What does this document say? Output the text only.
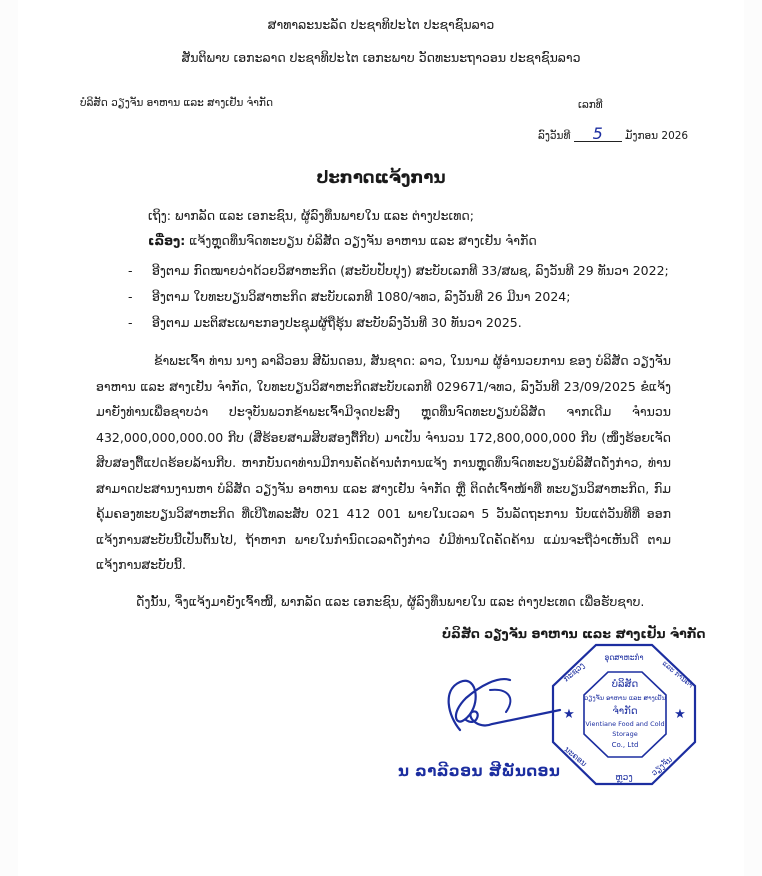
ສາທາລະນະລັດ ປະຊາທິປະໄຕ ປະຊາຊົນລາວ
ສັນຕິພາບ ເອກະລາດ ປະຊາທິປະໄຕ ເອກະພາບ ວັດທະນະຖາວອນ ປະຊາຊົນລາວ
ບໍລິສັດ ວຽງຈັນ ອາຫານ ແລະ ສາງເຢັນ ຈຳກັດ	ເລກທີ
ລົງວັນທີ 5 ມັງກອນ 2026
ປະກາດແຈ້ງການ
ເຖິງ: ພາກລັດ ແລະ ເອກະຊົນ, ຜູ້ລົງທຶນພາຍໃນ ແລະ ຕ່າງປະເທດ;
ເລື່ອງ: ແຈ້ງຫຼຸດທຶນຈົດທະບຽນ ບໍລິສັດ ວຽງຈັນ ອາຫານ ແລະ ສາງເຢັນ ຈຳກັດ
- ອີງຕາມ ກົດໝາຍວ່າດ້ວຍວິສາຫະກິດ (ສະບັບປັບປຸງ) ສະບັບເລກທີ 33/ສພຊ, ລົງວັນທີ 29 ທັນວາ 2022;
- ອີງຕາມ ໃບທະບຽນວິສາຫະກິດ ສະບັບເລກທີ 1080/ຈທວ, ລົງວັນທີ 26 ມີນາ 2024;
- ອີງຕາມ ມະຕິສະເພາະກອງປະຊຸມຜູ້ຖືຮຸ້ນ ສະບັບລົງວັນທີ 30 ທັນວາ 2025.
ຂ້າພະເຈົ້າ ທ່ານ ນາງ ລາລີວອນ ສີພັນດອນ, ສັນຊາດ: ລາວ, ໃນນາມ ຜູ້ອຳນວຍການ ຂອງ ບໍລິສັດ ວຽງຈັນ ອາຫານ ແລະ ສາງເຢັນ ຈຳກັດ, ໃບທະບຽນວິສາຫະກິດສະບັບເລກທີ 029671/ຈທວ, ລົງວັນທີ 23/09/2025 ຂໍແຈ້ງ ມາຍັງທ່ານເພື່ອຊາບວ່າ ປະຈຸບັນພວກຂ້າພະເຈົ້າມີຈຸດປະສົງ ຫຼຸດທຶນຈົດທະບຽນບໍລິສັດ ຈາກເດີມ ຈຳນວນ 432,000,000,000.00 ກີບ (ສີ່ຮ້ອຍສາມສິບສອງຕື້ກີບ) ມາເປັນ ຈຳນວນ 172,800,000,000 ກີບ (ໜຶ່ງຮ້ອຍເຈັດ ສິບສອງຕື້ແປດຮ້ອຍລ້ານກີບ. ຫາກບັນດາທ່ານມີການຄັດຄ້ານຕໍ່ການແຈ້ງ ການຫຼຸດທຶນຈົດທະບຽນບໍລິສັດດັ່ງກ່າວ, ທ່ານສາມາດປະສານງານຫາ ບໍລິສັດ ວຽງຈັນ ອາຫານ ແລະ ສາງເຢັນ ຈຳກັດ ຫຼື ຕິດຕໍ່ເຈົ້າໜ້າທີ່ ທະບຽນວິສາຫະກິດ, ກົມຄຸ້ມຄອງທະບຽນວິສາຫະກິດ ທີ່ເບີໂທລະສັບ 021 412 001 ພາຍໃນເວລາ 5 ວັນລັດຖະການ ນັບແຕ່ວັນທີທີ່ ອອກ ແຈ້ງການສະບັບນີ້ເປັນຕົ້ນໄປ, ຖ້າຫາກ ພາຍໃນກຳນົດເວລາດັ່ງກ່າວ ບໍ່ມີທ່ານໃດຄັດຄ້ານ ແມ່ນຈະຖືວ່າເຫັນດີ ຕາມແຈ້ງການສະບັບນີ້.
ດັ່ງນັ້ນ, ຈຶ່ງແຈ້ງມາຍັງເຈົ້າໜີ້, ພາກລັດ ແລະ ເອກະຊົນ, ຜູ້ລົງທຶນພາຍໃນ ແລະ ຕ່າງປະເທດ ເພື່ອຮັບຊາບ.
ບໍລິສັດ ວຽງຈັນ ອາຫານ ແລະ ສາງເຢັນ ຈຳກັດ
ນ ລາລີວອນ ສີພັນດອນ
ອຸດສາຫະກຳ
ກະຊວງ	ແລະ ການຄ້າ
ນະຄອນ
ຫຼວງ
ວຽງຈັນ
★	★
ບໍລິສັດ
ວຽງຈັນ ອາຫານ ແລະ ສາງເຢັນ
ຈຳກັດ
Vientiane Food and Cold
Storage
Co., Ltd
